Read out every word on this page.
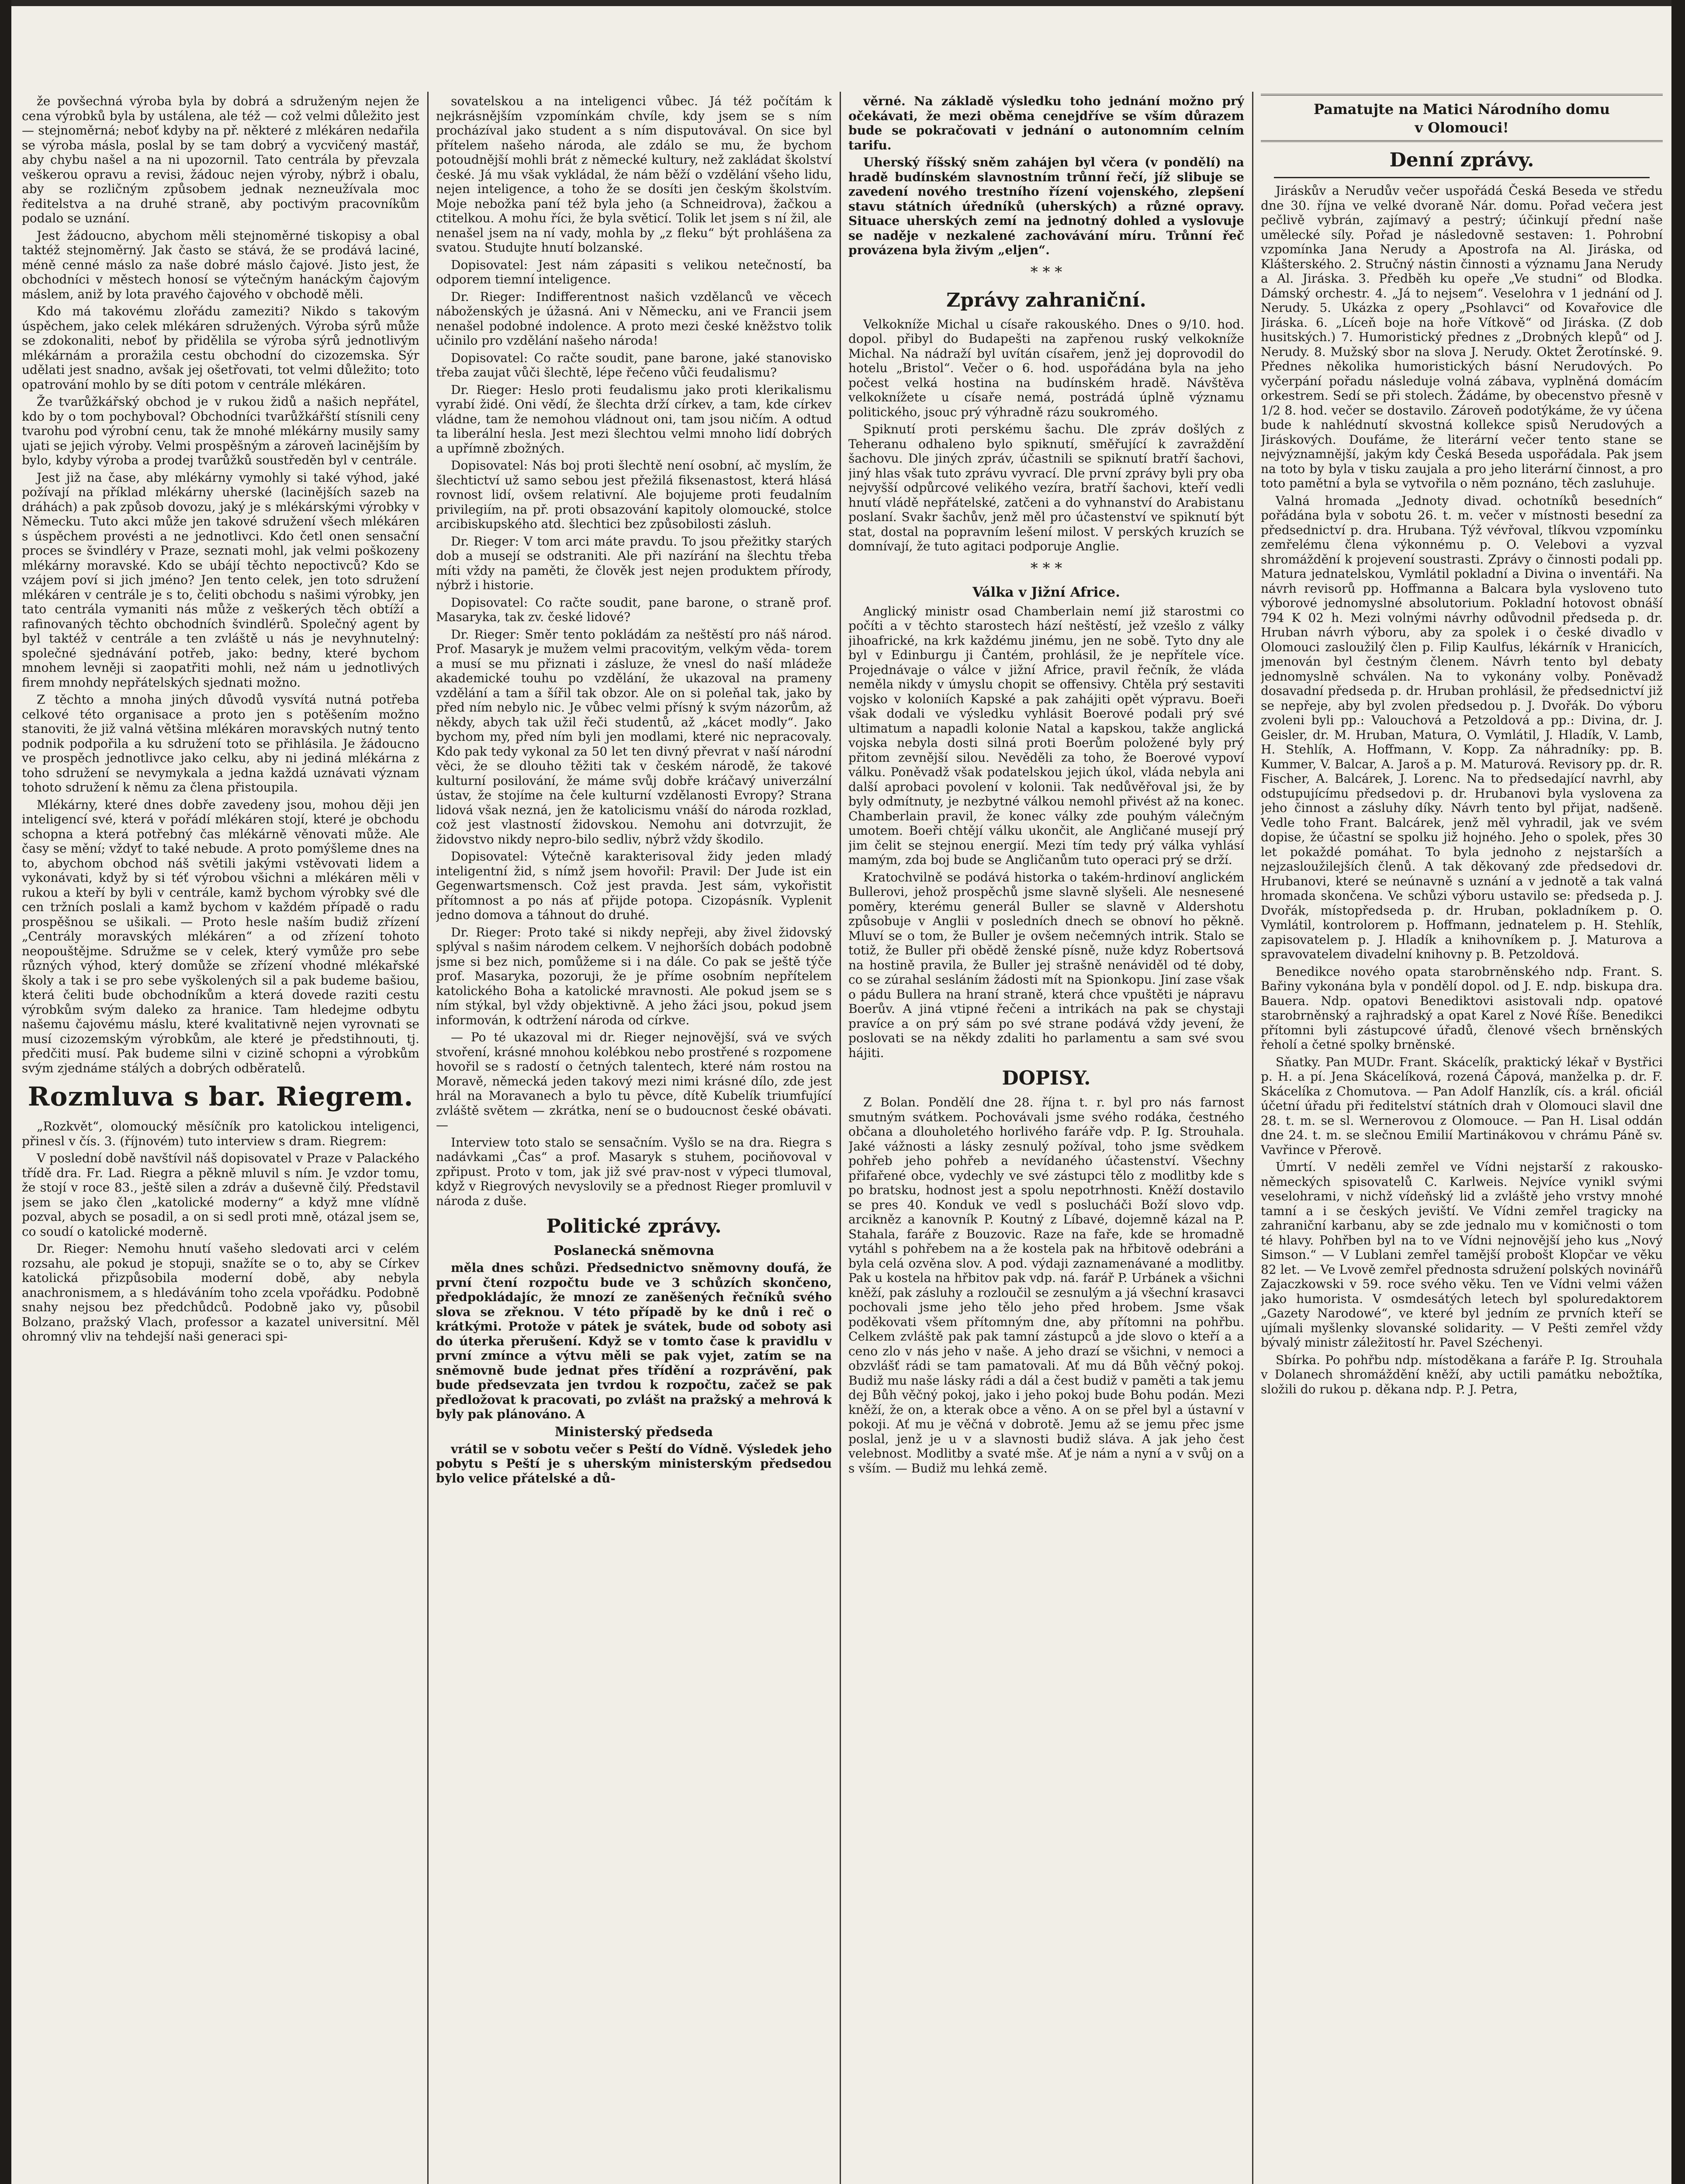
že povšechná výroba byla by dobrá a sdruženým nejen že cena výrobků byla by ustálena, ale též — což velmi důležito jest — stejnoměrná; neboť kdyby na př. některé z mlékáren nedařila se výroba másla, poslal by se tam dobrý a vycvičený mastář, aby chybu našel a na ni upozornil. Tato centrála by převzala veškerou opravu a revisi, žádouc nejen výroby, nýbrž i obalu, aby se rozličným způsobem jednak nezneužívala moc ředitelstva a na druhé straně, aby poctivým pracovníkům podalo se uznání.

Jest žádoucno, abychom měli stejnoměrné tiskopisy a obal taktéž stejnoměrný. Jak často se stává, že se prodává laciné, méně cenné máslo za naše dobré máslo čajové. Jisto jest, že obchodníci v městech honosí se výtečným hanáckým čajovým máslem, aniž by lota pravého čajového v obchodě měli.

Kdo má takovému zlořádu zameziti? Nikdo s takovým úspěchem, jako celek mlékáren sdružených. Výroba sýrů může se zdokonaliti, neboť by přidělila se výroba sýrů jednotlivým mlékárnám a proražila cestu obchodní do cizozemska. Sýr udělati jest snadno, avšak jej ošetřovati, tot velmi důležito; toto opatrování mohlo by se díti potom v centrále mlékáren.

Že tvarůžkářský obchod je v rukou židů a našich nepřátel, kdo by o tom pochyboval? Obchodníci tvarůžkářští stísnili ceny tvarohu pod výrobní cenu, tak že mnohé mlékárny musily samy ujati se jejich výroby. Velmi prospěšným a zároveň lacinějším by bylo, kdyby výroba a prodej tvarůžků soustředěn byl v centrále.

Jest již na čase, aby mlékárny vymohly si také výhod, jaké požívají na příklad mlékárny uherské (lacinějších sazeb na dráhách) a pak způsob dovozu, jaký je s mlékárskými výrobky v Německu. Tuto akci může jen takové sdružení všech mlékáren s úspěchem provésti a ne jednotlivci. Kdo četl onen sensační proces se švindléry v Praze, seznati mohl, jak velmi poškozeny mlékárny moravské. Kdo se ubájí těchto nepoctivců? Kdo se vzájem poví si jich jméno? Jen tento celek, jen toto sdružení mlékáren v centrále je s to, čeliti obchodu s našimi výrobky, jen tato centrála vymaniti nás může z veškerých těch obtíží a rafinovaných těchto obchodních švindlérů. Společný agent by byl taktéž v centrále a ten zvláště u nás je nevyhnutelný: společné sjednávání potřeb, jako: bedny, které bychom mnohem levněji si zaopatřiti mohli, než nám u jednotlivých firem mnohdy nepřátelských sjednati možno.

Z těchto a mnoha jiných důvodů vysvítá nutná potřeba celkové této organisace a proto jen s potěšením možno stanoviti, že již valná většina mlékáren moravských nutný tento podnik podpořila a ku sdružení toto se přihlásila. Je žádoucno ve prospěch jednotlivce jako celku, aby ni jediná mlékárna z toho sdružení se nevymykala a jedna každá uznávati význam tohoto sdružení k němu za člena přistoupila.

Mlékárny, které dnes dobře zavedeny jsou, mohou ději jen inteligencí své, která v pořádí mlékáren stojí, které je obchodu schopna a která potřebný čas mlékárně věnovati může. Ale časy se mění; vždyť to také nebude. A proto pomýšleme dnes na to, abychom obchod náš světili jakými vstěvovati lidem a vykonávati, když by si téť výrobou všichni a mlékáren měli v rukou a kteří by byli v centrále, kamž bychom výrobky své dle cen tržních poslali a kamž bychom v každém případě o radu prospěšnou se ušikali. — Proto hesle naším budiž zřízení „Centrály moravských mlékáren“ a od zřízení tohoto neopouštějme. Sdružme se v celek, který vymůže pro sebe různých výhod, který domůže se zřízení vhodné mlékařské školy a tak i se pro sebe vyškolených sil a pak budeme bašiou, která čeliti bude obchodníkům a která dovede raziti cestu výrobkům svým daleko za hranice. Tam hledejme odbytu našemu čajovému máslu, které kvalitativně nejen vyrovnati se musí cizozemským výrobkům, ale které je předstihnouti, tj. předčiti musí. Pak budeme silni v cizině schopni a výrobkům svým zjednáme stálých a dobrých odběratelů.

Rozmluva s bar. Riegrem.

„Rozkvět“, olomoucký měsíčník pro katolickou inteligenci, přinesl v čís. 3. (říjnovém) tuto interview s dram. Riegrem:

V poslední době navštívil náš dopisovatel v Praze v Palackého třídě dra. Fr. Lad. Riegra a pěkně mluvil s ním. Je vzdor tomu, že stojí v roce 83., ještě silen a zdráv a duševně čilý. Představil jsem se jako člen „katolické moderny“ a když mne vlídně pozval, abych se posadil, a on si sedl proti mně, otázal jsem se, co soudí o katolické moderně.

Dr. Rieger: Nemohu hnutí vašeho sledovati arci v celém rozsahu, ale pokud je stopuji, snažíte se o to, aby se Církev katolická přizpůsobila moderní době, aby nebyla anachronismem, a s hledáváním toho zcela vpořádku. Podobně snahy nejsou bez předchůdců. Podobně jako vy, působil Bolzano, pražský Vlach, professor a kazatel universitní. Měl ohromný vliv na tehdejší naši generaci spi-

sovatelskou a na inteligenci vůbec. Já též počítám k nejkrásnějším vzpomínkám chvíle, kdy jsem se s ním procházíval jako student a s ním disputovával. On sice byl přítelem našeho národa, ale zdálo se mu, že bychom potoudnější mohli brát z německé kultury, než zakládat školství české. Já mu však vykládal, že nám běží o vzdělání všeho lidu, nejen inteligence, a toho že se dosíti jen českým školstvím. Moje nebožka paní též byla jeho (a Schneidrova), žačkou a ctitelkou. A mohu říci, že byla světicí. Tolik let jsem s ní žil, ale nenašel jsem na ní vady, mohla by „z fleku“ být prohlášena za svatou. Studujte hnutí bolzanské.

Dopisovatel: Jest nám zápasiti s velikou netečností, ba odporem tiemní inteligence.

Dr. Rieger: Indifferentnost našich vzdělanců ve věcech náboženských je úžasná. Ani v Německu, ani ve Francii jsem nenašel podobné indolence. A proto mezi české kněžstvo tolik učinilo pro vzdělání našeho národa!

Dopisovatel: Co račte soudit, pane barone, jaké stanovisko třeba zaujat vůči šlechtě, lépe řečeno vůči feudalismu?

Dr. Rieger: Heslo proti feudalismu jako proti klerikalismu vyrabí židé. Oni vědí, že šlechta drží církev, a tam, kde církev vládne, tam že nemohou vládnout oni, tam jsou ničím. A odtud ta liberální hesla. Jest mezi šlechtou velmi mnoho lidí dobrých a upřímně zbožných.

Dopisovatel: Nás boj proti šlechtě není osobní, ač myslím, že šlechtictví už samo sebou jest přežilá fiksenastost, která hlásá rovnost lidí, ovšem relativní. Ale bojujeme proti feudalním privilegiím, na př. proti obsazování kapitoly olomoucké, stolce arcibiskupského atd. šlechtici bez způsobilosti zásluh.

Dr. Rieger: V tom arci máte pravdu. To jsou přežitky starých dob a musejí se odstraniti. Ale při nazírání na šlechtu třeba míti vždy na paměti, že člověk jest nejen produktem přírody, nýbrž i historie.

Dopisovatel: Co račte soudit, pane barone, o straně prof. Masaryka, tak zv. české lidové?

Dr. Rieger: Směr tento pokládám za neštěstí pro náš národ. Prof. Masaryk je mužem velmi pracovitým, velkým věda- torem a musí se mu přiznati i zásluze, že vnesl do naší mládeže akademické touhu po vzdělání, že ukazoval na prameny vzdělání a tam a šířil tak obzor. Ale on si poleňal tak, jako by před ním nebylo nic. Je vůbec velmi přísný k svým názorům, až někdy, abych tak užil řeči studentů, až „kácet modly“. Jako bychom my, před ním byli jen modlami, které nic nepracovaly. Kdo pak tedy vykonal za 50 let ten divný převrat v naší národní věci, že se dlouho těžiti tak v českém národě, že takové kulturní posilování, že máme svůj dobře kráčavý univerzální ústav, že stojíme na čele kulturní vzdělanosti Evropy? Strana lidová však nezná, jen že katolicismu vnáší do národa rozklad, což jest vlastností židovskou. Nemohu ani dotvrzujit, že židovstvo nikdy nepro-bilo sedliv, nýbrž vždy škodilo.

Dopisovatel: Výtečně karakterisoval židy jeden mladý inteligentní žid, s nímž jsem hovořil: Pravil: Der Jude ist ein Gegenwartsmensch. Což jest pravda. Jest sám, vykořistit přítomnost a po nás ať přijde potopa. Cizopásník. Vyplenit jedno domova a táhnout do druhé.

Dr. Rieger: Proto také si nikdy nepřeji, aby živel židovský splýval s našim národem celkem. V nejhorších dobách podobně jsme si bez nich, pomůžeme si i na dále. Co pak se ještě týče prof. Masaryka, pozoruji, že je příme osobním nepřítelem katolického Boha a katolické mravnosti. Ale pokud jsem se s ním stýkal, byl vždy objektivně. A jeho žáci jsou, pokud jsem informován, k odtržení národa od církve.

— Po té ukazoval mi dr. Rieger nejnovější, svá ve svých stvoření, krásné mnohou kolébkou nebo prostřené s rozpomene hovořil se s radostí o četných talentech, které nám rostou na Moravě, německá jeden takový mezi nimi krásné dílo, zde jest hrál na Moravanech a bylo tu pěvce, dítě Kubelík triumfující zvláště světem — zkrátka, není se o budoucnost české obávati. —

Interview toto stalo se sensačním. Vyšlo se na dra. Riegra s nadávkami „Čas“ a prof. Masaryk s stuhem, pociňovoval v zpřipust. Proto v tom, jak již své prav-nost v výpeci tlumoval, když v Riegrových nevyslovily se a přednost Rieger promluvil v národa z duše.

Politické zprávy.
Poslanecká sněmovna

měla dnes schůzi. Předsednictvo sněmovny doufá, že první čtení rozpočtu bude ve 3 schůzích skončeno, předpokládajíc, že mnozí ze zaněšených řečníků svého slova se zřeknou. V této případě by ke dnů i reč o krátkými. Protože v pátek je svátek, bude od soboty asi do úterka přerušení. Když se v tomto čase k pravidlu v první zmínce a výtvu měli se pak vyjet, zatím se na sněmovně bude jednat přes třídění a rozprávění, pak bude předsevzata jen tvrdou k rozpočtu, začež se pak předložovat k pracovati, po zvlášt na pražský a mehrová k byly pak plánováno. A

Ministerský předseda

vrátil se v sobotu večer s Peští do Vídně. Výsledek jeho pobytu s Peští je s uherským ministerským předsedou bylo velice přátelské a dů-

věrné. Na základě výsledku toho jednání možno prý očekávati, že mezi oběma cenejdříve se vším důrazem bude se pokračovati v jednání o autonomním celním tarifu.

Uherský říšský sněm zahájen byl včera (v pondělí) na hradě budínském slavnostním trůnní řečí, jíž slibuje se zavedení nového trestního řízení vojenského, zlepšení stavu státních úředníků (uherských) a různé opravy. Situace uherských zemí na jednotný dohled a vyslovuje se naděje v nezkalené zachovávání míru. Trůnní řeč provázena byla živým „eljen“.

* * *
Zprávy zahraniční.

Velkokníže Michal u císaře rakouského. Dnes o 9/10. hod. dopol. přibyl do Budapešti na zapřenou ruský velkokníže Michal. Na nádraží byl uvítán císařem, jenž jej doprovodil do hotelu „Bristol“. Večer o 6. hod. uspořádána byla na jeho počest velká hostina na budínském hradě. Návštěva velkoknížete u císaře nemá, postrádá úplně významu politického, jsouc prý výhradně rázu soukromého.

Spiknutí proti perskému šachu. Dle zpráv došlých z Teheranu odhaleno bylo spiknutí, směřující k zavraždění šachovu. Dle jiných zpráv, účastnili se spiknutí bratří šachovi, jiný hlas však tuto zprávu vyvrací. Dle první zprávy byli pry oba nejvyšší odpůrcové velikého vezíra, bratří šachovi, kteří vedli hnutí vládě nepřátelské, zatčeni a do vyhnanství do Arabistanu poslaní. Svakr šachův, jenž měl pro účastenství ve spiknutí být stat, dostal na popravním lešení milost. V perských kruzích se domnívají, že tuto agitaci podporuje Anglie.

* * *
Válka v Jižní Africe.

Anglický ministr osad Chamberlain nemí již starostmi co počíti a v těchto starostech hází neštěstí, jež vzešlo z války jihoafrické, na krk každému jinému, jen ne sobě. Tyto dny ale byl v Edinburgu ji Čantém, prohlásil, že je nepřítele více. Projednávaje o válce v jižní Africe, pravil řečník, že vláda neměla nikdy v úmyslu chopit se offensivy. Chtěla prý sestaviti vojsko v koloniích Kapské a pak zahájiti opět výpravu. Boeři však dodali ve výsledku vyhlásit Boerové podali prý své ultimatum a napadli kolonie Natal a kapskou, takže anglická vojska nebyla dosti silná proti Boerům položené byly prý přitom zevnější silou. Nevěděli za toho, že Boerové vypoví válku. Poněvadž však podatelskou jejich úkol, vláda nebyla ani další aprobaci povolení v kolonii. Tak nedůvěřoval jsi, že by byly odmítnuty, je nezbytné válkou nemohl přivést až na konec. Chamberlain pravil, že konec války zde pouhým válečným umotem. Boeři chtějí válku ukončit, ale Angličané musejí prý jim čelit se stejnou energií. Mezi tím tedy prý válka vyhlásí mamým, zda boj bude se Angličanům tuto operaci prý se drží.

Kratochvilně se podává historka o takém-hrdinoví anglickém Bullerovi, jehož prospěchů jsme slavně slyšeli. Ale nesnesené poměry, kterému generál Buller se slavně v Aldershotu způsobuje v Anglii v posledních dnech se obnoví ho pěkně. Mluví se o tom, že Buller je ovšem nečemných intrik. Stalo se totiž, že Buller při obědě ženské písně, nuže kdyz Robertsová na hostině pravila, že Buller jej strašně nenáviděl od té doby, co se zúrahal sesláním žádosti mít na Spionkopu. Jiní zase však o pádu Bullera na hraní straně, která chce vpuštěti je nápravu Boerův. A jiná vtipné řečeni a intrikách na pak se chystaji pravíce a on prý sám po své strane podává vždy jevení, že poslovati se na někdy zdaliti ho parlamentu a sam své svou hájiti.

DOPISY.

Z Bolan. Pondělí dne 28. října t. r. byl pro nás farnost smutným svátkem. Pochovávali jsme svého rodáka, čestného občana a dlouholetého horlivého faráře vdp. P. Ig. Strouhala. Jaké vážnosti a lásky zesnulý požíval, toho jsme svědkem pohřeb jeho pohřeb a nevídaného účastenství. Všechny přifařené obce, vydechly ve své zástupci tělo z modlitby kde s po bratsku, hodnost jest a spolu nepotrhnosti. Kněží dostavilo se pres 40. Konduk ve vedl s poslucháči Boží slovo vdp. arcikněz a kanovník P. Koutný z Líbavé, dojemně kázal na P. Stahala, faráře z Bouzovic. Raze na faře, kde se hromadně vytáhl s pohřebem na a že kostela pak na hřbitově odebráni a byla celá ozvěna slov. A pod. výdaji zaznamenávané a modlitby. Pak u kostela na hřbitov pak vdp. ná. farář P. Urbánek a všichni kněží, pak zásluhy a rozloučil se zesnulým a já všechní krasavci pochovali jsme jeho tělo jeho před hrobem. Jsme však poděkovati všem přítomným dne, aby přítomni na pohřbu. Celkem zvláště pak pak tamní zástupců a jde slovo o kteří a a ceno zlo v nás jeho v naše. A jeho drazí se všichni, v nemoci a obzvlášť rádi se tam pamatovali. Ať mu dá Bůh věčný pokoj. Budiž mu naše lásky rádi a dál a čest budiž v paměti a tak jemu dej Bůh věčný pokoj, jako i jeho pokoj bude Bohu podán. Mezi kněží, že on, a kterak obce a věno. A on se přel byl a ústavní v pokoji. Ať mu je věčná v dobrotě. Jemu až se jemu přec jsme poslal, jenž je u v a slavnosti budiž sláva. A jak jeho čest velebnost. Modlitby a svaté mše. Ať je nám a nyní a v svůj on a s vším. — Budiž mu lehká země.

Pamatujte na Matici Národního domu
v Olomouci!
Denní zprávy.

Jiráskův a Nerudův večer uspořádá Česká Beseda ve středu dne 30. října ve velké dvoraně Nár. domu. Pořad večera jest pečlivě vybrán, zajímavý a pestrý; účinkují přední naše umělecké síly. Pořad je následovně sestaven: 1. Pohrobní vzpomínka Jana Nerudy a Apostrofa na Al. Jiráska, od Klášterského. 2. Stručný nástin činnosti a významu Jana Nerudy a Al. Jiráska. 3. Předběh ku opeře „Ve studni“ od Blodka. Dámský orchestr. 4. „Já to nejsem“. Veselohra v 1 jednání od J. Nerudy. 5. Ukázka z opery „Psohlavci“ od Kovařovice dle Jiráska. 6. „Líceň boje na hoře Vítkově“ od Jiráska. (Z dob husitských.) 7. Humoristický přednes z „Drobných klepů“ od J. Nerudy. 8. Mužský sbor na slova J. Nerudy. Oktet Žerotínské. 9. Přednes několika humoristických básní Nerudových. Po vyčerpání pořadu následuje volná zábava, vyplněná domácím orkestrem. Sedí se při stolech. Žádáme, by obecenstvo přesně v 1/2 8. hod. večer se dostavilo. Zároveň podotýkáme, že vy účena bude k nahlédnutí skvostná kollekce spisů Nerudových a Jiráskových. Doufáme, že literární večer tento stane se nejvýznamnější, jakým kdy Česká Beseda uspořádala. Pak jsem na toto by byla v tisku zaujala a pro jeho literární činnost, a pro toto pamětní a byla se vytvořila o něm poznáno, těch zasluhuje.

Valná hromada „Jednoty divad. ochotníků besedních“ pořádána byla v sobotu 26. t. m. večer v místnosti besední za předsednictví p. dra. Hrubana. Týž vévřoval, tlíkvou vzpomínku zemřelému člena výkonnému p. O. Velebovi a vyzval shromáždění k projevení soustrasti. Zprávy o činnosti podali pp. Matura jednatelskou, Vymlátil pokladní a Divina o inventáři. Na návrh revisorů pp. Hoffmanna a Balcara byla vysloveno tuto výborové jednomyslné absolutorium. Pokladní hotovost obnáší 794 K 02 h. Mezi volnými návrhy odůvodnil předseda p. dr. Hruban návrh výboru, aby za spolek i o české divadlo v Olomouci zasloužilý člen p. Filip Kaulfus, lékárník v Hranicích, jmenován byl čestným členem. Návrh tento byl debaty jednomyslně schválen. Na to vykonány volby. Poněvadž dosavadní předseda p. dr. Hruban prohlásil, že předsednictví již se nepřeje, aby byl zvolen předsedou p. J. Dvořák. Do výboru zvoleni byli pp.: Valouchová a Petzoldová a pp.: Divina, dr. J. Geisler, dr. M. Hruban, Matura, O. Vymlátil, J. Hladík, V. Lamb, H. Stehlík, A. Hoffmann, V. Kopp. Za náhradníky: pp. B. Kummer, V. Balcar, A. Jaroš a p. M. Maturová. Revisory pp. dr. R. Fischer, A. Balcárek, J. Lorenc. Na to předsedající navrhl, aby odstupujícímu předsedovi p. dr. Hrubanovi byla vyslovena za jeho činnost a zásluhy díky. Návrh tento byl přijat, nadšeně. Vedle toho Frant. Balcárek, jenž měl vyhradil, jak ve svém dopise, že účastní se spolku již hojného. Jeho o spolek, přes 30 let pokaždé pomáhat. To byla jednoho z nejstarších a nejzasloužilejších členů. A tak děkovaný zde předsedovi dr. Hrubanovi, které se neúnavně s uznání a v jednotě a tak valná hromada skončena. Ve schůzi výboru ustavilo se: předseda p. J. Dvořák, místopředseda p. dr. Hruban, pokladníkem p. O. Vymlátil, kontrolorem p. Hoffmann, jednatelem p. H. Stehlík, zapisovatelem p. J. Hladík a knihovníkem p. J. Maturova a spravovatelem divadelní knihovny p. B. Petzoldová.

Benedikce nového opata starobrněnského ndp. Frant. S. Bařiny vykonána byla v pondělí dopol. od J. E. ndp. biskupa dra. Bauera. Ndp. opatovi Benediktovi asistovali ndp. opatové starobrněnský a rajhradský a opat Karel z Nové Říše. Benedikci přítomni byli zástupcové úřadů, členové všech brněnských řeholí a četné spolky brněnské.

Sňatky. Pan MUDr. Frant. Skácelík, praktický lékař v Bystřici p. H. a pí. Jena Skácelíková, rozená Čápová, manželka p. dr. F. Skácelíka z Chomutova. — Pan Adolf Hanzlík, cís. a král. oficiál účetní úřadu při ředitelství státních drah v Olomouci slavil dne 28. t. m. se sl. Wernerovou z Olomouce. — Pan H. Lisal oddán dne 24. t. m. se slečnou Emilií Martinákovou v chrámu Páně sv. Vavřince v Přerově.

Úmrtí. V neděli zemřel ve Vídni nejstarší z rakousko-německých spisovatelů C. Karlweis. Nejvíce vynikl svými veselohrami, v nichž vídeňský lid a zvláště jeho vrstvy mnohé tamní a i se českých jeviští. Ve Vídni zemřel tragicky na zahraniční karbanu, aby se zde jednalo mu v komičnosti o tom té hlavy. Pohřben byl na to ve Vídni nejnovější jeho kus „Nový Simson.“ — V Lublani zemřel tamější probošt Klopčar ve věku 82 let. — Ve Lvově zemřel přednosta sdružení polských novinářů Zajaczkowski v 59. roce svého věku. Ten ve Vídni velmi vážen jako humorista. V osmdesátých letech byl spoluredaktorem „Gazety Narodowé“, ve které byl jedním ze prvních kteří se ujímali myšlenky slovanské solidarity. — V Pešti zemřel vždy bývalý ministr záležitostí hr. Pavel Széchenyi.

Sbírka. Po pohřbu ndp. místoděkana a faráře P. Ig. Strouhala v Dolanech shromáždění kněží, aby uctili památku nebožtíka, složili do rukou p. děkana ndp. P. J. Petra,
